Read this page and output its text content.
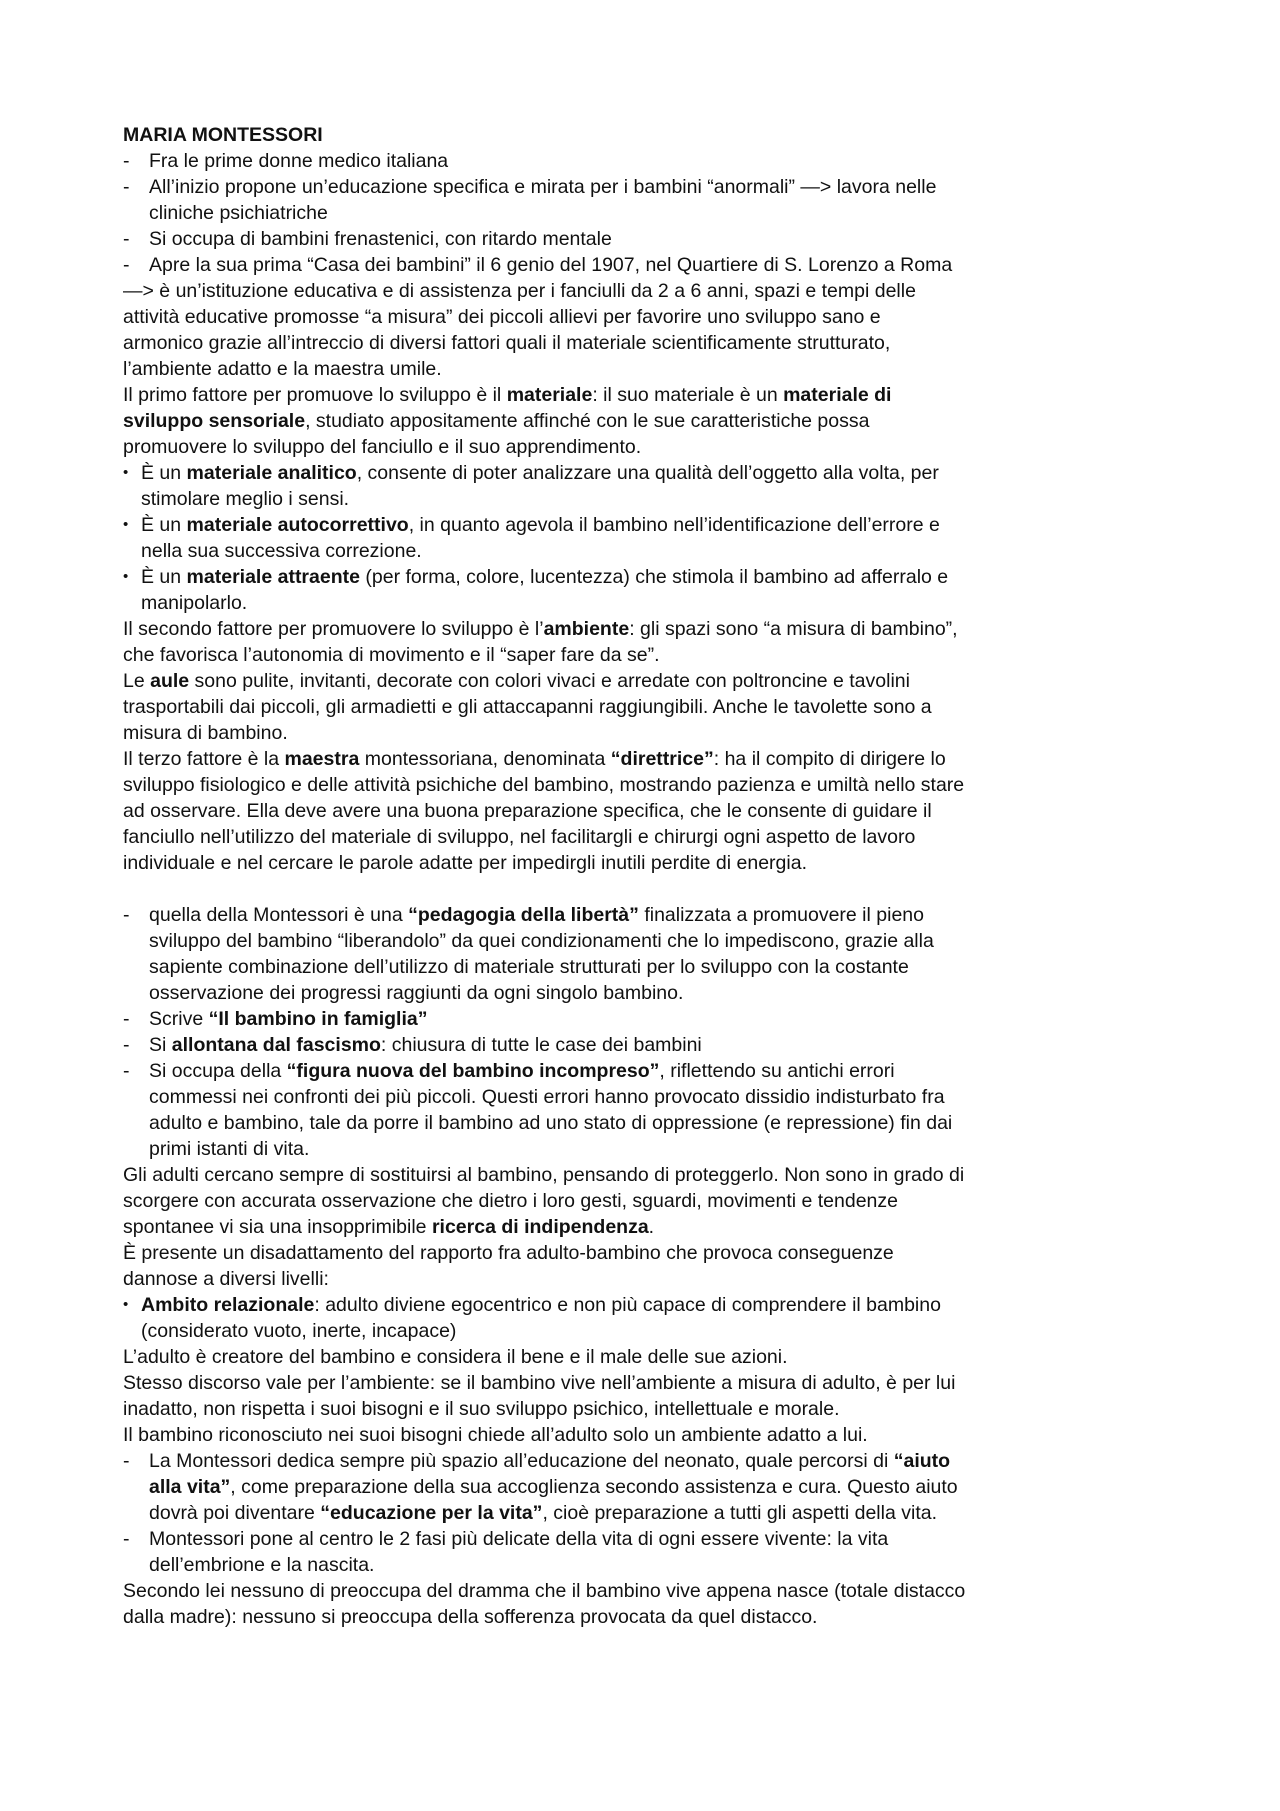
MARIA MONTESSORI
- Fra le prime donne medico italiana
- All’inizio propone un’educazione specifica e mirata per i bambini “anormali” —> lavora nelle
cliniche psichiatriche
- Si occupa di bambini frenastenici, con ritardo mentale
- Apre la sua prima “Casa dei bambini” il 6 genio del 1907, nel Quartiere di S. Lorenzo a Roma
—> è un’istituzione educativa e di assistenza per i fanciulli da 2 a 6 anni, spazi e tempi delle
attività educative promosse “a misura” dei piccoli allievi per favorire uno sviluppo sano e
armonico grazie all’intreccio di diversi fattori quali il materiale scientificamente strutturato,
l’ambiente adatto e la maestra umile.
Il primo fattore per promuove lo sviluppo è il materiale: il suo materiale è un materiale di
sviluppo sensoriale, studiato appositamente affinché con le sue caratteristiche possa
promuovere lo sviluppo del fanciullo e il suo apprendimento.
• È un materiale analitico, consente di poter analizzare una qualità dell’oggetto alla volta, per
stimolare meglio i sensi.
• È un materiale autocorrettivo, in quanto agevola il bambino nell’identificazione dell’errore e
nella sua successiva correzione.
• È un materiale attraente (per forma, colore, lucentezza) che stimola il bambino ad afferralo e
manipolarlo.
Il secondo fattore per promuovere lo sviluppo è l’ambiente: gli spazi sono “a misura di bambino”,
che favorisca l’autonomia di movimento e il “saper fare da se”.
Le aule sono pulite, invitanti, decorate con colori vivaci e arredate con poltroncine e tavolini
trasportabili dai piccoli, gli armadietti e gli attaccapanni raggiungibili. Anche le tavolette sono a
misura di bambino.
Il terzo fattore è la maestra montessoriana, denominata “direttrice”: ha il compito di dirigere lo
sviluppo fisiologico e delle attività psichiche del bambino, mostrando pazienza e umiltà nello stare
ad osservare. Ella deve avere una buona preparazione specifica, che le consente di guidare il
fanciullo nell’utilizzo del materiale di sviluppo, nel facilitargli e chirurgi ogni aspetto de lavoro
individuale e nel cercare le parole adatte per impedirgli inutili perdite di energia.
- quella della Montessori è una “pedagogia della libertà” finalizzata a promuovere il pieno
sviluppo del bambino “liberandolo” da quei condizionamenti che lo impediscono, grazie alla
sapiente combinazione dell’utilizzo di materiale strutturati per lo sviluppo con la costante
osservazione dei progressi raggiunti da ogni singolo bambino.
- Scrive “Il bambino in famiglia”
- Si allontana dal fascismo: chiusura di tutte le case dei bambini
- Si occupa della “figura nuova del bambino incompreso”, riflettendo su antichi errori
commessi nei confronti dei più piccoli. Questi errori hanno provocato dissidio indisturbato fra
adulto e bambino, tale da porre il bambino ad uno stato di oppressione (e repressione) fin dai
primi istanti di vita.
Gli adulti cercano sempre di sostituirsi al bambino, pensando di proteggerlo. Non sono in grado di
scorgere con accurata osservazione che dietro i loro gesti, sguardi, movimenti e tendenze
spontanee vi sia una insopprimibile ricerca di indipendenza.
È presente un disadattamento del rapporto fra adulto-bambino che provoca conseguenze
dannose a diversi livelli:
• Ambito relazionale: adulto diviene egocentrico e non più capace di comprendere il bambino
(considerato vuoto, inerte, incapace)
L’adulto è creatore del bambino e considera il bene e il male delle sue azioni.
Stesso discorso vale per l’ambiente: se il bambino vive nell’ambiente a misura di adulto, è per lui
inadatto, non rispetta i suoi bisogni e il suo sviluppo psichico, intellettuale e morale.
Il bambino riconosciuto nei suoi bisogni chiede all’adulto solo un ambiente adatto a lui.
- La Montessori dedica sempre più spazio all’educazione del neonato, quale percorsi di “aiuto
alla vita”, come preparazione della sua accoglienza secondo assistenza e cura. Questo aiuto
dovrà poi diventare “educazione per la vita”, cioè preparazione a tutti gli aspetti della vita.
- Montessori pone al centro le 2 fasi più delicate della vita di ogni essere vivente: la vita
dell’embrione e la nascita.
Secondo lei nessuno di preoccupa del dramma che il bambino vive appena nasce (totale distacco
dalla madre): nessuno si preoccupa della sofferenza provocata da quel distacco.
